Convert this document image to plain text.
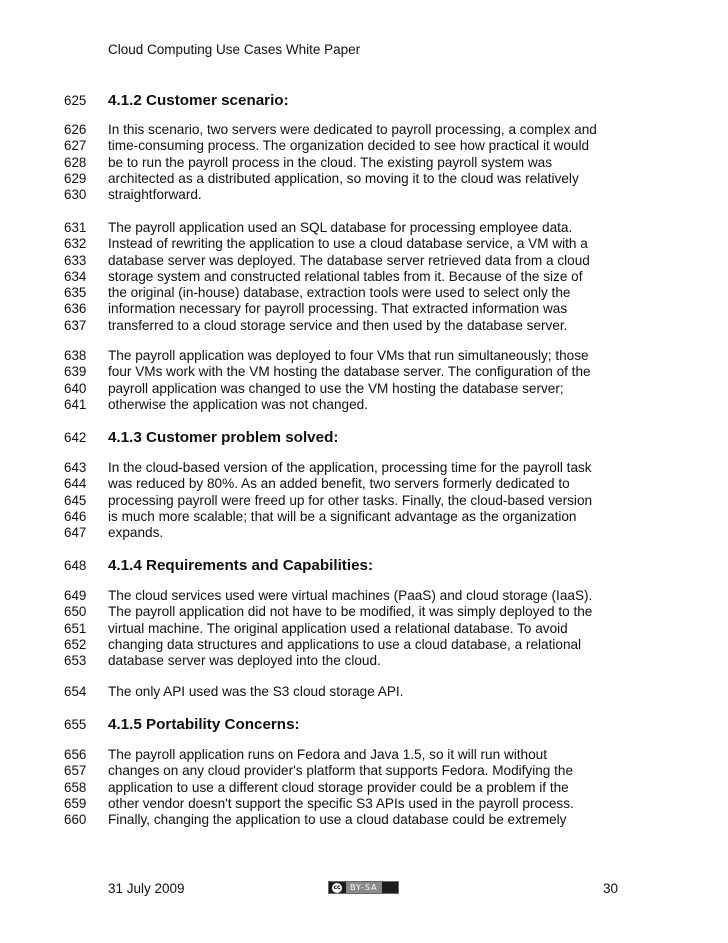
Cloud Computing Use Cases White Paper
625	4.1.2 Customer scenario:
626	In this scenario, two servers were dedicated to payroll processing, a complex and
627	time-consuming process. The organization decided to see how practical it would
628	be to run the payroll process in the cloud. The existing payroll system was
629	architected as a distributed application, so moving it to the cloud was relatively
630	straightforward.
631	The payroll application used an SQL database for processing employee data.
632	Instead of rewriting the application to use a cloud database service, a VM with a
633	database server was deployed. The database server retrieved data from a cloud
634	storage system and constructed relational tables from it. Because of the size of
635	the original (in-house) database, extraction tools were used to select only the
636	information necessary for payroll processing. That extracted information was
637	transferred to a cloud storage service and then used by the database server.
638	The payroll application was deployed to four VMs that run simultaneously; those
639	four VMs work with the VM hosting the database server. The configuration of the
640	payroll application was changed to use the VM hosting the database server;
641	otherwise the application was not changed.
642	4.1.3 Customer problem solved:
643	In the cloud-based version of the application, processing time for the payroll task
644	was reduced by 80%. As an added benefit, two servers formerly dedicated to
645	processing payroll were freed up for other tasks. Finally, the cloud-based version
646	is much more scalable; that will be a significant advantage as the organization
647	expands.
648	4.1.4 Requirements and Capabilities:
649	The cloud services used were virtual machines (PaaS) and cloud storage (IaaS).
650	The payroll application did not have to be modified, it was simply deployed to the
651	virtual machine. The original application used a relational database. To avoid
652	changing data structures and applications to use a cloud database, a relational
653	database server was deployed into the cloud.
654	The only API used was the S3 cloud storage API.
655	4.1.5 Portability Concerns:
656	The payroll application runs on Fedora and Java 1.5, so it will run without
657	changes on any cloud provider's platform that supports Fedora. Modifying the
658	application to use a different cloud storage provider could be a problem if the
659	other vendor doesn't support the specific S3 APIs used in the payroll process.
660	Finally, changing the application to use a cloud database could be extremely
31 July 2009	cc	BY-SA	30
